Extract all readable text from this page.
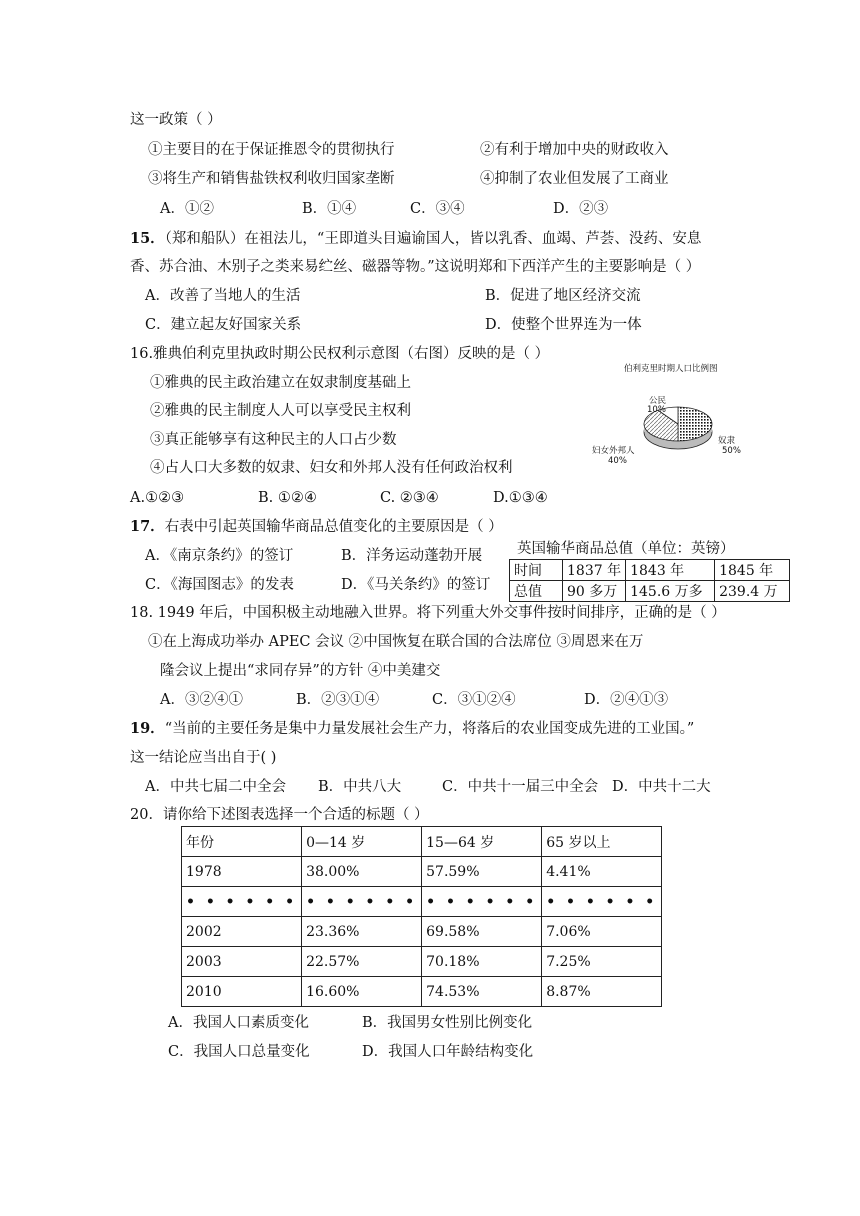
这一政策（ ）
①主要目的在于保证推恩令的贯彻执行	②有利于增加中央的财政收入
③将生产和销售盐铁权利收归国家垄断	④抑制了农业但发展了工商业
A．①②	B．①④	C．③④	D．②③
15．（郑和船队）在祖法儿，“王即道头目遍谕国人，皆以乳香、血竭、芦荟、没药、安息
香、苏合油、木别子之类来易纻丝、磁器等物。”这说明郑和下西洋产生的主要影响是（ ）
A．改善了当地人的生活	B．促进了地区经济交流
C．建立起友好国家关系	D．使整个世界连为一体
16.雅典伯利克里执政时期公民权利示意图（右图）反映的是（ ）
①雅典的民主政治建立在奴隶制度基础上
②雅典的民主制度人人可以享受民主权利
③真正能够享有这种民主的人口占少数
④占人口大多数的奴隶、妇女和外邦人没有任何政治权利
A.①②③	B. ①②④	C. ②③④	D.①③④
伯利克里时期人口比例图
公民
10%
奴隶
50%
妇女外邦人
40%
17．右表中引起英国输华商品总值变化的主要原因是（ ）
A．《南京条约》的签订	B．洋务运动蓬勃开展
C．《海国图志》的发表	D．《马关条约》的签订
英国输华商品总值（单位：英镑）
时间	1837 年	1843 年	1845 年
总值	90 多万	145.6 万多	239.4 万
18. 1949 年后，中国积极主动地融入世界。将下列重大外交事件按时间排序，正确的是（ ）
①在上海成功举办 APEC 会议 ②中国恢复在联合国的合法席位 ③周恩来在万
隆会议上提出“求同存异”的方针 ④中美建交
A．③②④①	B．②③①④	C．③①②④	D．②④①③
19．“当前的主要任务是集中力量发展社会生产力，将落后的农业国变成先进的工业国。”
这一结论应当出自于( )
A．中共七届二中全会 B．中共八大	C．中共十一届三中全会 D．中共十二大
20．请你给下述图表选择一个合适的标题（ ）
年份	0—14 岁	15—64 岁	65 岁以上
1978	38.00%	57.59%	4.41%
• • • • • •	• • • • • •	• • • • • •	• • • • • •
2002	23.36%	69.58%	7.06%
2003	22.57%	70.18%	7.25%
2010	16.60%	74.53%	8.87%
A．我国人口素质变化	B．我国男女性别比例变化
C．我国人口总量变化	D．我国人口年龄结构变化
